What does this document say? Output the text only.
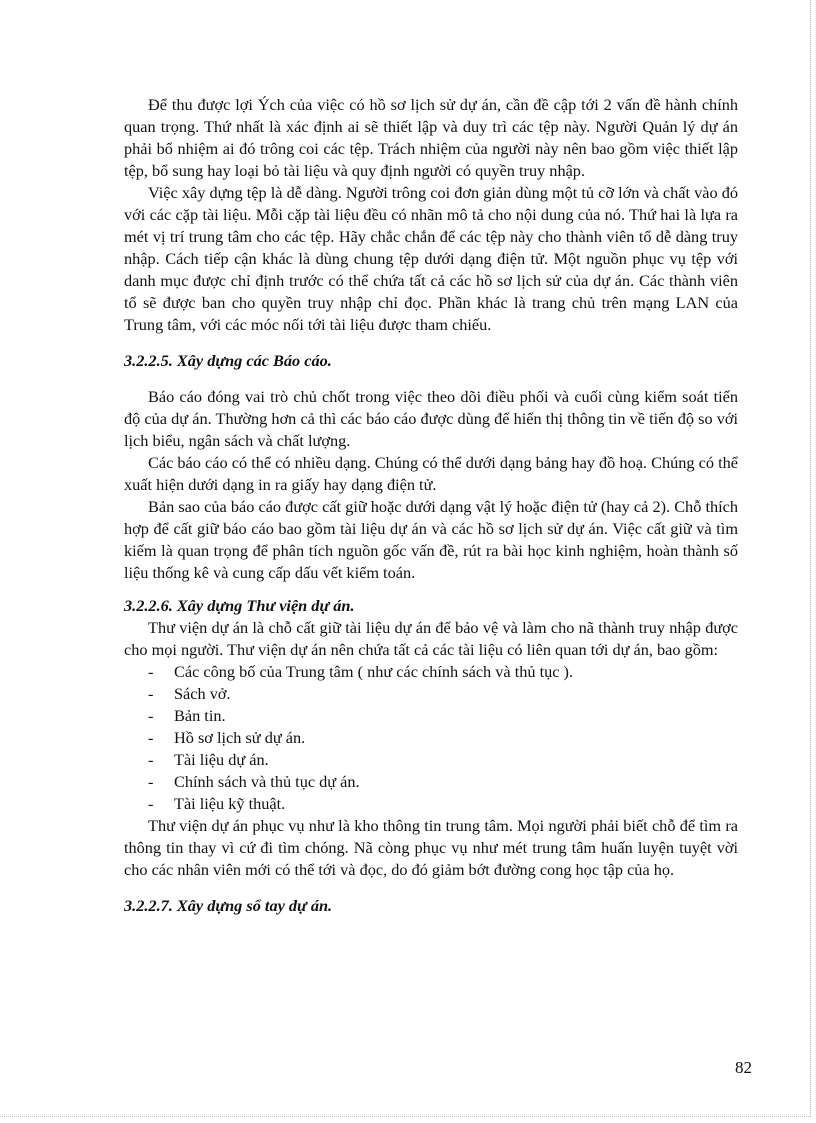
Để thu được lợi Ých của việc có hồ sơ lịch sử dự án, cần đề cập tới 2 vấn đề hành chính quan trọng. Thứ nhất là xác định ai sẽ thiết lập và duy trì các tệp này. Người Quản lý dự án phải bổ nhiệm ai đó trông coi các tệp. Trách nhiệm của người này nên bao gồm việc thiết lập tệp, bổ sung hay loại bỏ tài liệu và quy định người có quyền truy nhập.

Việc xây dựng tệp là dễ dàng. Người trông coi đơn giản dùng một tủ cỡ lớn và chất vào đó với các cặp tài liệu. Mỗi cặp tài liệu đều có nhãn mô tả cho nội dung của nó. Thứ hai là lựa ra mét vị trí trung tâm cho các tệp. Hãy chắc chắn để các tệp này cho thành viên tổ dễ dàng truy nhập. Cách tiếp cận khác là dùng chung tệp dưới dạng điện tử. Một nguồn phục vụ tệp với danh mục được chỉ định trước có thể chứa tất cả các hồ sơ lịch sử của dự án. Các thành viên tổ sẽ được ban cho quyền truy nhập chỉ đọc. Phần khác là trang chủ trên mạng LAN của Trung tâm, với các móc nối tới tài liệu được tham chiếu.

3.2.2.5. Xây dựng các Báo cáo.

Báo cáo đóng vai trò chủ chốt trong việc theo dõi điều phối và cuối cùng kiểm soát tiến độ của dự án. Thường hơn cả thì các báo cáo được dùng để hiển thị thông tin về tiến độ so với lịch biểu, ngân sách và chất lượng.

Các báo cáo có thể có nhiều dạng. Chúng có thể dưới dạng bảng hay đồ hoạ. Chúng có thể xuất hiện dưới dạng in ra giấy hay dạng điện tử.

Bản sao của báo cáo được cất giữ hoặc dưới dạng vật lý hoặc điện tử (hay cả 2). Chỗ thích hợp để cất giữ báo cáo bao gồm tài liệu dự án và các hồ sơ lịch sử dự án. Việc cất giữ và tìm kiếm là quan trọng để phân tích nguồn gốc vấn đề, rút ra bài học kinh nghiệm, hoàn thành số liệu thống kê và cung cấp dấu vết kiểm toán.

3.2.2.6. Xây dựng Thư viện dự án.

Thư viện dự án là chỗ cất giữ tài liệu dự án để bảo vệ và làm cho nã thành truy nhập được cho mọi người. Thư viện dự án nên chứa tất cả các tài liệu có liên quan tới dự án, bao gồm:

-	Các công bố của Trung tâm ( như các chính sách và thủ tục ).
-	Sách vở.
-	Bản tin.
-	Hồ sơ lịch sử dự án.
-	Tài liệu dự án.
-	Chính sách và thủ tục dự án.
-	Tài liệu kỹ thuật.

Thư viện dự án phục vụ như là kho thông tin trung tâm. Mọi người phải biết chỗ để tìm ra thông tin thay vì cứ đi tìm chóng. Nã còng phục vụ như mét trung tâm huấn luyện tuyệt vời cho các nhân viên mới có thể tới và đọc, do đó giảm bớt đường cong học tập của họ.

3.2.2.7. Xây dựng sổ tay dự án.

82
